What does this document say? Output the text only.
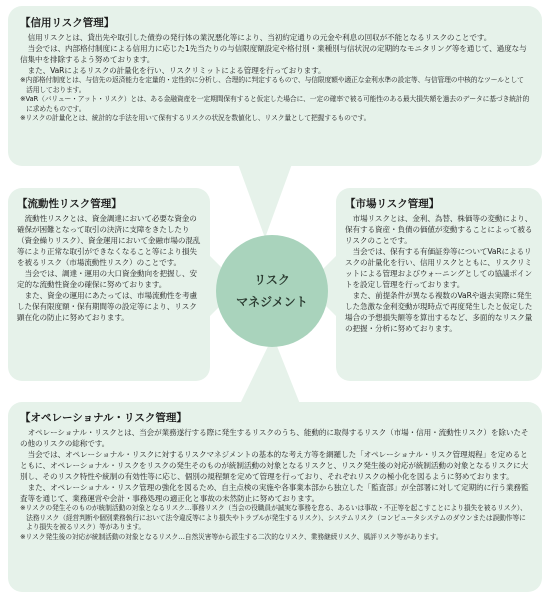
【信用リスク管理】

信用リスクとは、貸出先や取引した債券の発行体の業況悪化等により、当初約定通りの元金や利息の回収が不能となるリスクのことです。

当会では、内部格付制度による信用力に応じた1先当たりの与信限度額設定や格付別・業種別与信状況の定期的なモニタリング等を通じて、過度な与信集中を排除するよう努めております。

また、VaRによるリスクの計量化を行い、リスクリミットによる管理を行っております。

※内部格付制度とは、与信先の返済能力を定量的・定性的に分析し、合理的に判定するもので、与信限度額や適正な金利水準の設定等、与信管理の中核的なツールとして活用しております。

※VaR（バリュー・アット・リスク）とは、ある金融資産を一定期間保有すると仮定した場合に、一定の確率で被る可能性のある最大損失額を過去のデータに基づき統計的に求めたものです。

※リスクの計量化とは、統計的な手法を用いて保有するリスクの状況を数値化し、リスク量として把握するものです。

【流動性リスク管理】

流動性リスクとは、資金調達において必要な資金の確保が困難となって取引の決済に支障をきたしたり（資金繰りリスク）、資金運用において金融市場の混乱等により正常な取引ができなくなること等により損失を被るリスク（市場流動性リスク）のことです。

当会では、調達・運用の大口資金動向を把握し、安定的な流動性資金の確保に努めております。

また、資金の運用にあたっては、市場流動性を考慮した保有限度額・保有期間等の設定等により、リスク顕在化の防止に努めております。

リスク
マネジメント
【市場リスク管理】

市場リスクとは、金利、為替、株価等の変動により、保有する資産・負債の価値が変動することによって被るリスクのことです。

当会では、保有する有価証券等についてVaRによるリスクの計量化を行い、信用リスクとともに、リスクリミットによる管理およびウォーニングとしての協議ポイントを設定し管理を行っております。

また、前提条件が異なる複数のVaRや過去実際に発生した急激な金利変動が現時点で再度発生したと仮定した場合の予想損失額等を算出するなど、多面的なリスク量の把握・分析に努めております。

【オペレーショナル・リスク管理】

オペレーショナル・リスクとは、当会が業務遂行する際に発生するリスクのうち、能動的に取得するリスク（市場・信用・流動性リスク）を除いたその他のリスクの総称です。

当会では、オペレーショナル・リスクに対するリスクマネジメントの基本的な考え方等を網羅した「オペレーショナル・リスク管理規程」を定めるとともに、オペレーショナル・リスクをリスクの発生そのものが統制活動の対象となるリスクと、リスク発生後の対応が統制活動の対象となるリスクに大別し、そのリスク特性や統制の有効性等に応じ、個別の規程類を定めて管理を行っており、それぞれリスクの極小化を図るように努めております。

また、オペレーショナル・リスク管理の強化を図るため、自主点検の実施や各事業本部から独立した「監査部」が全部署に対して定期的に行う業務監査等を通じて、業務運営や会計・事務処理の適正化と事故の未然防止に努めております。

※リスクの発生そのものが統制活動の対象となるリスク…事務リスク（当会の役職員が誠実な事務を怠る、あるいは事故・不正等を起こすことにより損失を被るリスク）、法務リスク（経営判断や個別業務執行において法令違反等により損失やトラブルが発生するリスク）、システムリスク（コンピュータシステムのダウンまたは誤動作等により損失を被るリスク）等があります。

※リスク発生後の対応が統制活動の対象となるリスク…自然災害等から派生する二次的なリスク、業務継続リスク、風評リスク等があります。
